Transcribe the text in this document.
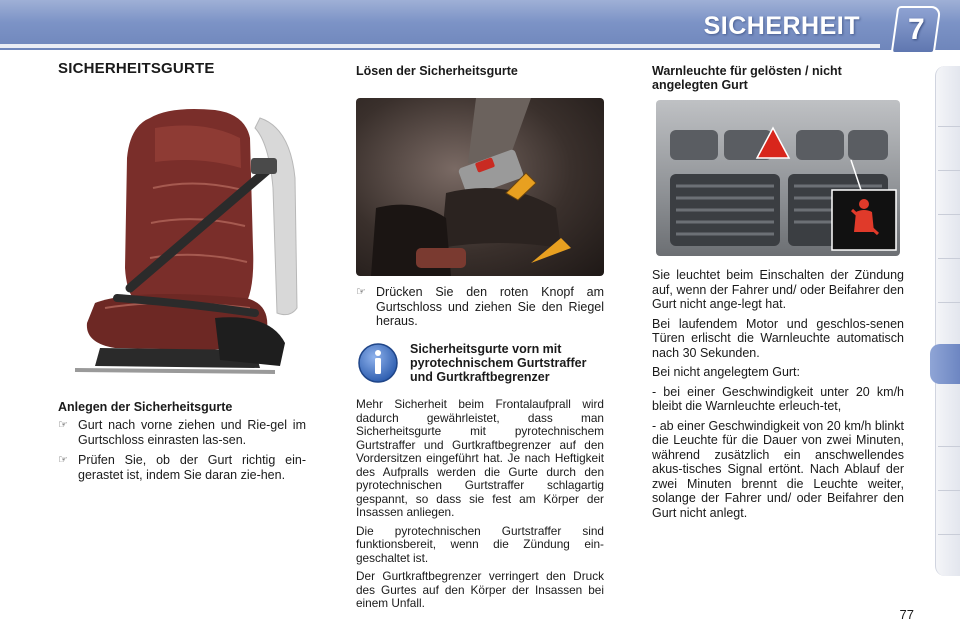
SICHERHEIT 7
SICHERHEITSGURTE
Anlegen der Sicherheitsgurte
☞ Gurt nach vorne ziehen und Rie-gel im Gurtschloss einrasten las-sen.
☞ Prüfen Sie, ob der Gurt richtig ein-gerastet ist, indem Sie daran zie-hen.
Lösen der Sicherheitsgurte
☞ Drücken Sie den roten Knopf am Gurtschloss und ziehen Sie den Riegel heraus.
Sicherheitsgurte vorn mit pyrotechnischem Gurtstraffer und Gurtkraftbegrenzer

Mehr Sicherheit beim Frontalaufprall wird dadurch gewährleistet, dass man Sicherheitsgurte mit pyrotechnischem Gurtstraffer und Gurtkraftbegrenzer auf den Vordersitzen eingeführt hat. Je nach Heftigkeit des Aufpralls werden die Gurte durch den pyrotechnischen Gurtstraffer schlagartig gespannt, so dass sie fest am Körper der Insassen anliegen.

Die pyrotechnischen Gurtstraffer sind funktionsbereit, wenn die Zündung ein-geschaltet ist.

Der Gurtkraftbegrenzer verringert den Druck des Gurtes auf den Körper der Insassen bei einem Unfall.

Warnleuchte für gelösten / nicht angelegten Gurt

Sie leuchtet beim Einschalten der Zündung auf, wenn der Fahrer und/ oder Beifahrer den Gurt nicht ange-legt hat.

Bei laufendem Motor und geschlos-senen Türen erlischt die Warnleuchte automatisch nach 30 Sekunden.

Bei nicht angelegtem Gurt:

- bei einer Geschwindigkeit unter 20 km/h bleibt die Warnleuchte erleuch-tet,

- ab einer Geschwindigkeit von 20 km/h blinkt die Leuchte für die Dauer von zwei Minuten, während zusätzlich ein anschwellendes akus-tisches Signal ertönt. Nach Ablauf der zwei Minuten brennt die Leuchte weiter, solange der Fahrer und/ oder Beifahrer den Gurt nicht anlegt.

77
